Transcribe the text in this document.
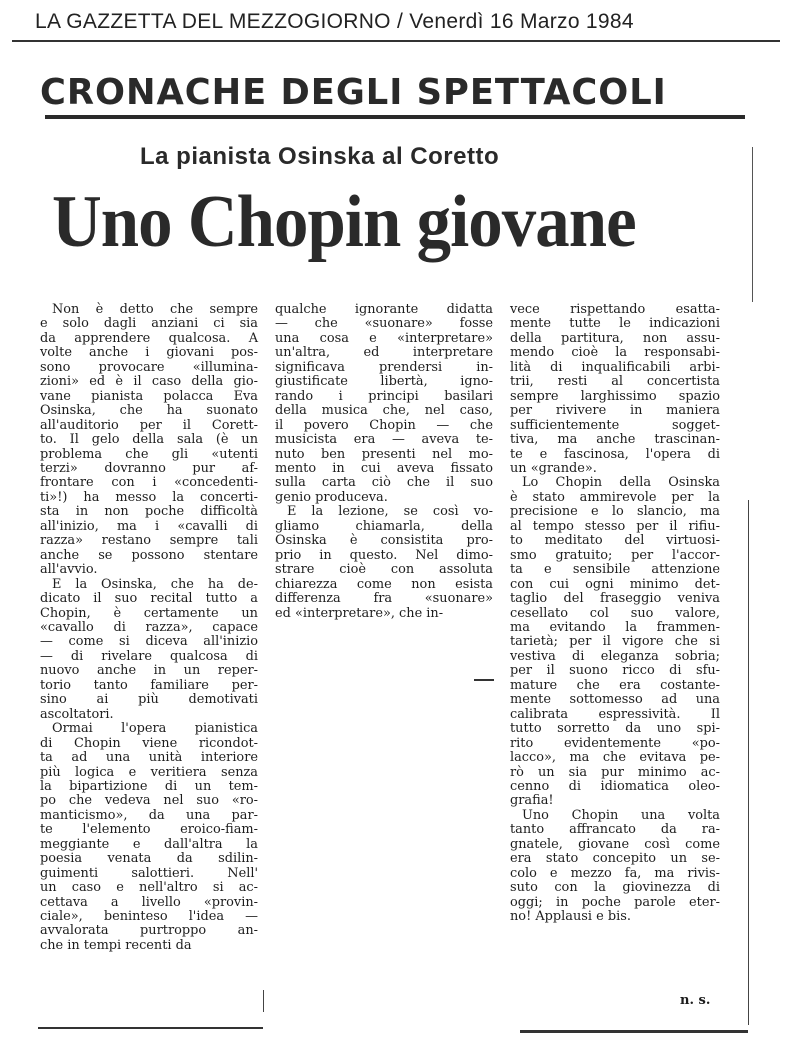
LA GAZZETTA DEL MEZZOGIORNO / Venerdì 16 Marzo 1984
CRONACHE DEGLI SPETTACOLI
La pianista Osinska al Coretto
Uno Chopin giovane
Non è detto che sempre
e solo dagli anziani ci sia
da apprendere qualcosa. A
volte anche i giovani pos-
sono provocare «illumina-
zioni» ed è il caso della gio-
vane pianista polacca Eva
Osinska, che ha suonato
all'auditorio per il Corett-
to. Il gelo della sala (è un
problema che gli «utenti
terzi» dovranno pur af-
frontare con i «concedenti-
ti»!) ha messo la concerti-
sta in non poche difficoltà
all'inizio, ma i «cavalli di
razza» restano sempre tali
anche se possono stentare
all'avvio.
E la Osinska, che ha de-
dicato il suo recital tutto a
Chopin, è certamente un
«cavallo di razza», capace
— come si diceva all'inizio
— di rivelare qualcosa di
nuovo anche in un reper-
torio tanto familiare per-
sino ai più demotivati
ascoltatori.
Ormai l'opera pianistica
di Chopin viene ricondot-
ta ad una unità interiore
più logica e veritiera senza
la bipartizione di un tem-
po che vedeva nel suo «ro-
manticismo», da una par-
te l'elemento eroico-fiam-
meggiante e dall'altra la
poesia venata da sdilin-
guimenti salottieri. Nell'
un caso e nell'altro si ac-
cettava a livello «provin-
ciale», beninteso l'idea —
avvalorata purtroppo an-
che in tempi recenti da
qualche ignorante didatta
— che «suonare» fosse
una cosa e «interpretare»
un'altra, ed interpretare
significava prendersi in-
giustificate libertà, igno-
rando i principi basilari
della musica che, nel caso,
il povero Chopin — che
musicista era — aveva te-
nuto ben presenti nel mo-
mento in cui aveva fissato
sulla carta ciò che il suo
genio produceva.
E la lezione, se così vo-
gliamo chiamarla, della
Osinska è consistita pro-
prio in questo. Nel dimo-
strare cioè con assoluta
chiarezza come non esista
differenza fra «suonare»
ed «interpretare», che in-
vece rispettando esatta-
mente tutte le indicazioni
della partitura, non assu-
mendo cioè la responsabi-
lità di inqualificabili arbi-
trii, resti al concertista
sempre larghissimo spazio
per rivivere in maniera
sufficientemente sogget-
tiva, ma anche trascinan-
te e fascinosa, l'opera di
un «grande».
Lo Chopin della Osinska
è stato ammirevole per la
precisione e lo slancio, ma
al tempo stesso per il rifiu-
to meditato del virtuosi-
smo gratuito; per l'accor-
ta e sensibile attenzione
con cui ogni minimo det-
taglio del fraseggio veniva
cesellato col suo valore,
ma evitando la frammen-
tarietà; per il vigore che si
vestiva di eleganza sobria;
per il suono ricco di sfu-
mature che era costante-
mente sottomesso ad una
calibrata espressività. Il
tutto sorretto da uno spi-
rito evidentemente «po-
lacco», ma che evitava pe-
rò un sia pur minimo ac-
cenno di idiomatica oleo-
grafia!
Uno Chopin una volta
tanto affrancato da ra-
gnatele, giovane così come
era stato concepito un se-
colo e mezzo fa, ma rivis-
suto con la giovinezza di
oggi; in poche parole eter-
no! Applausi e bis.
n. s.
